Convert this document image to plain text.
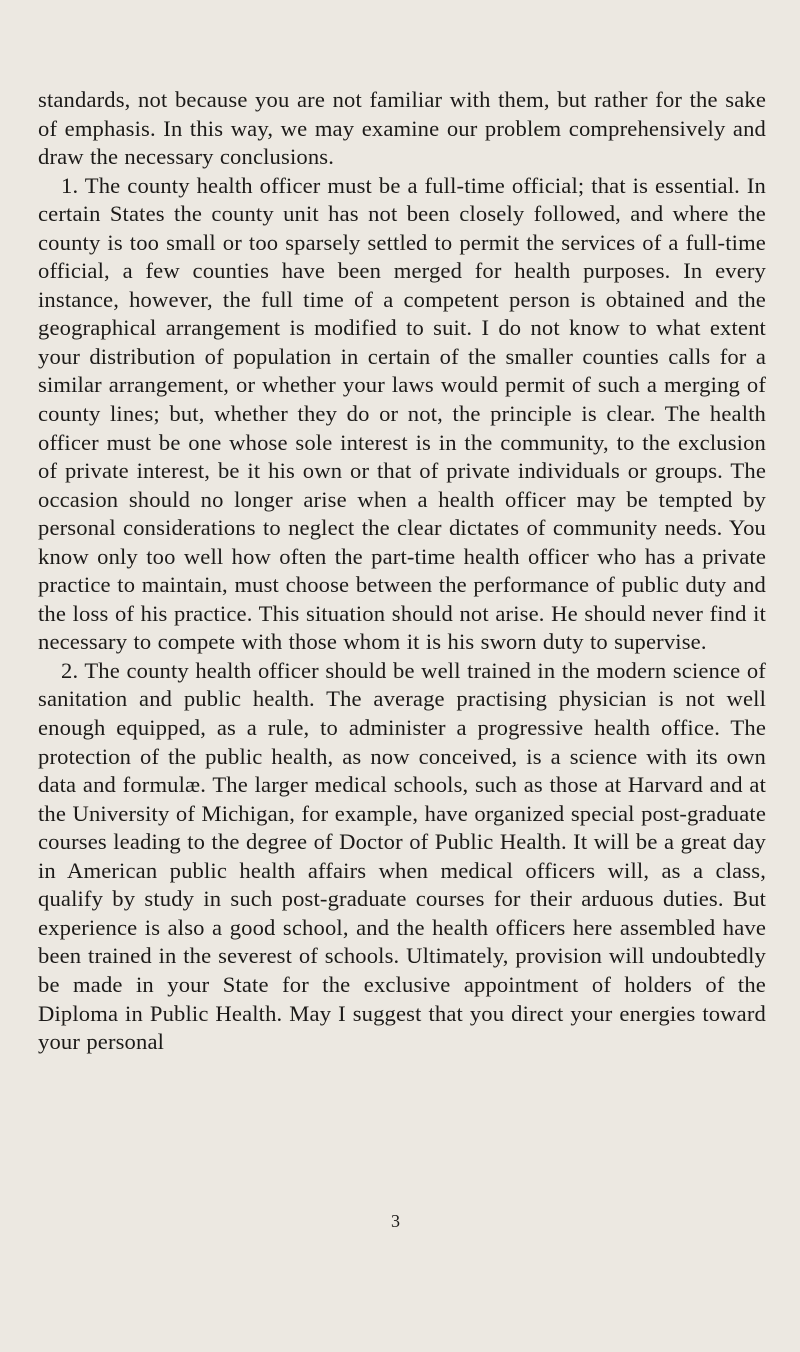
standards, not because you are not familiar with them, but rather for the sake of emphasis. In this way, we may examine our problem comprehensively and draw the necessary conclusions.

1. The county health officer must be a full-time official; that is essential. In certain States the county unit has not been closely followed, and where the county is too small or too sparsely settled to permit the services of a full-time official, a few counties have been merged for health purposes. In every instance, however, the full time of a competent person is obtained and the geographical arrangement is modified to suit. I do not know to what extent your distribution of population in certain of the smaller counties calls for a similar arrangement, or whether your laws would permit of such a merging of county lines; but, whether they do or not, the principle is clear. The health officer must be one whose sole interest is in the community, to the exclusion of private interest, be it his own or that of private individuals or groups. The occasion should no longer arise when a health officer may be tempted by personal considerations to neglect the clear dictates of community needs. You know only too well how often the part-time health officer who has a private practice to maintain, must choose between the performance of public duty and the loss of his practice. This situation should not arise. He should never find it necessary to compete with those whom it is his sworn duty to supervise.

2. The county health officer should be well trained in the modern science of sanitation and public health. The average practising physician is not well enough equipped, as a rule, to administer a progressive health office. The protection of the public health, as now conceived, is a science with its own data and formulæ. The larger medical schools, such as those at Harvard and at the University of Michigan, for example, have organized special post-graduate courses leading to the degree of Doctor of Public Health. It will be a great day in American public health affairs when medical officers will, as a class, qualify by study in such post-graduate courses for their arduous duties. But experience is also a good school, and the health officers here assembled have been trained in the severest of schools. Ultimately, provision will undoubtedly be made in your State for the exclusive appointment of holders of the Diploma in Public Health. May I suggest that you direct your energies toward your personal

3
